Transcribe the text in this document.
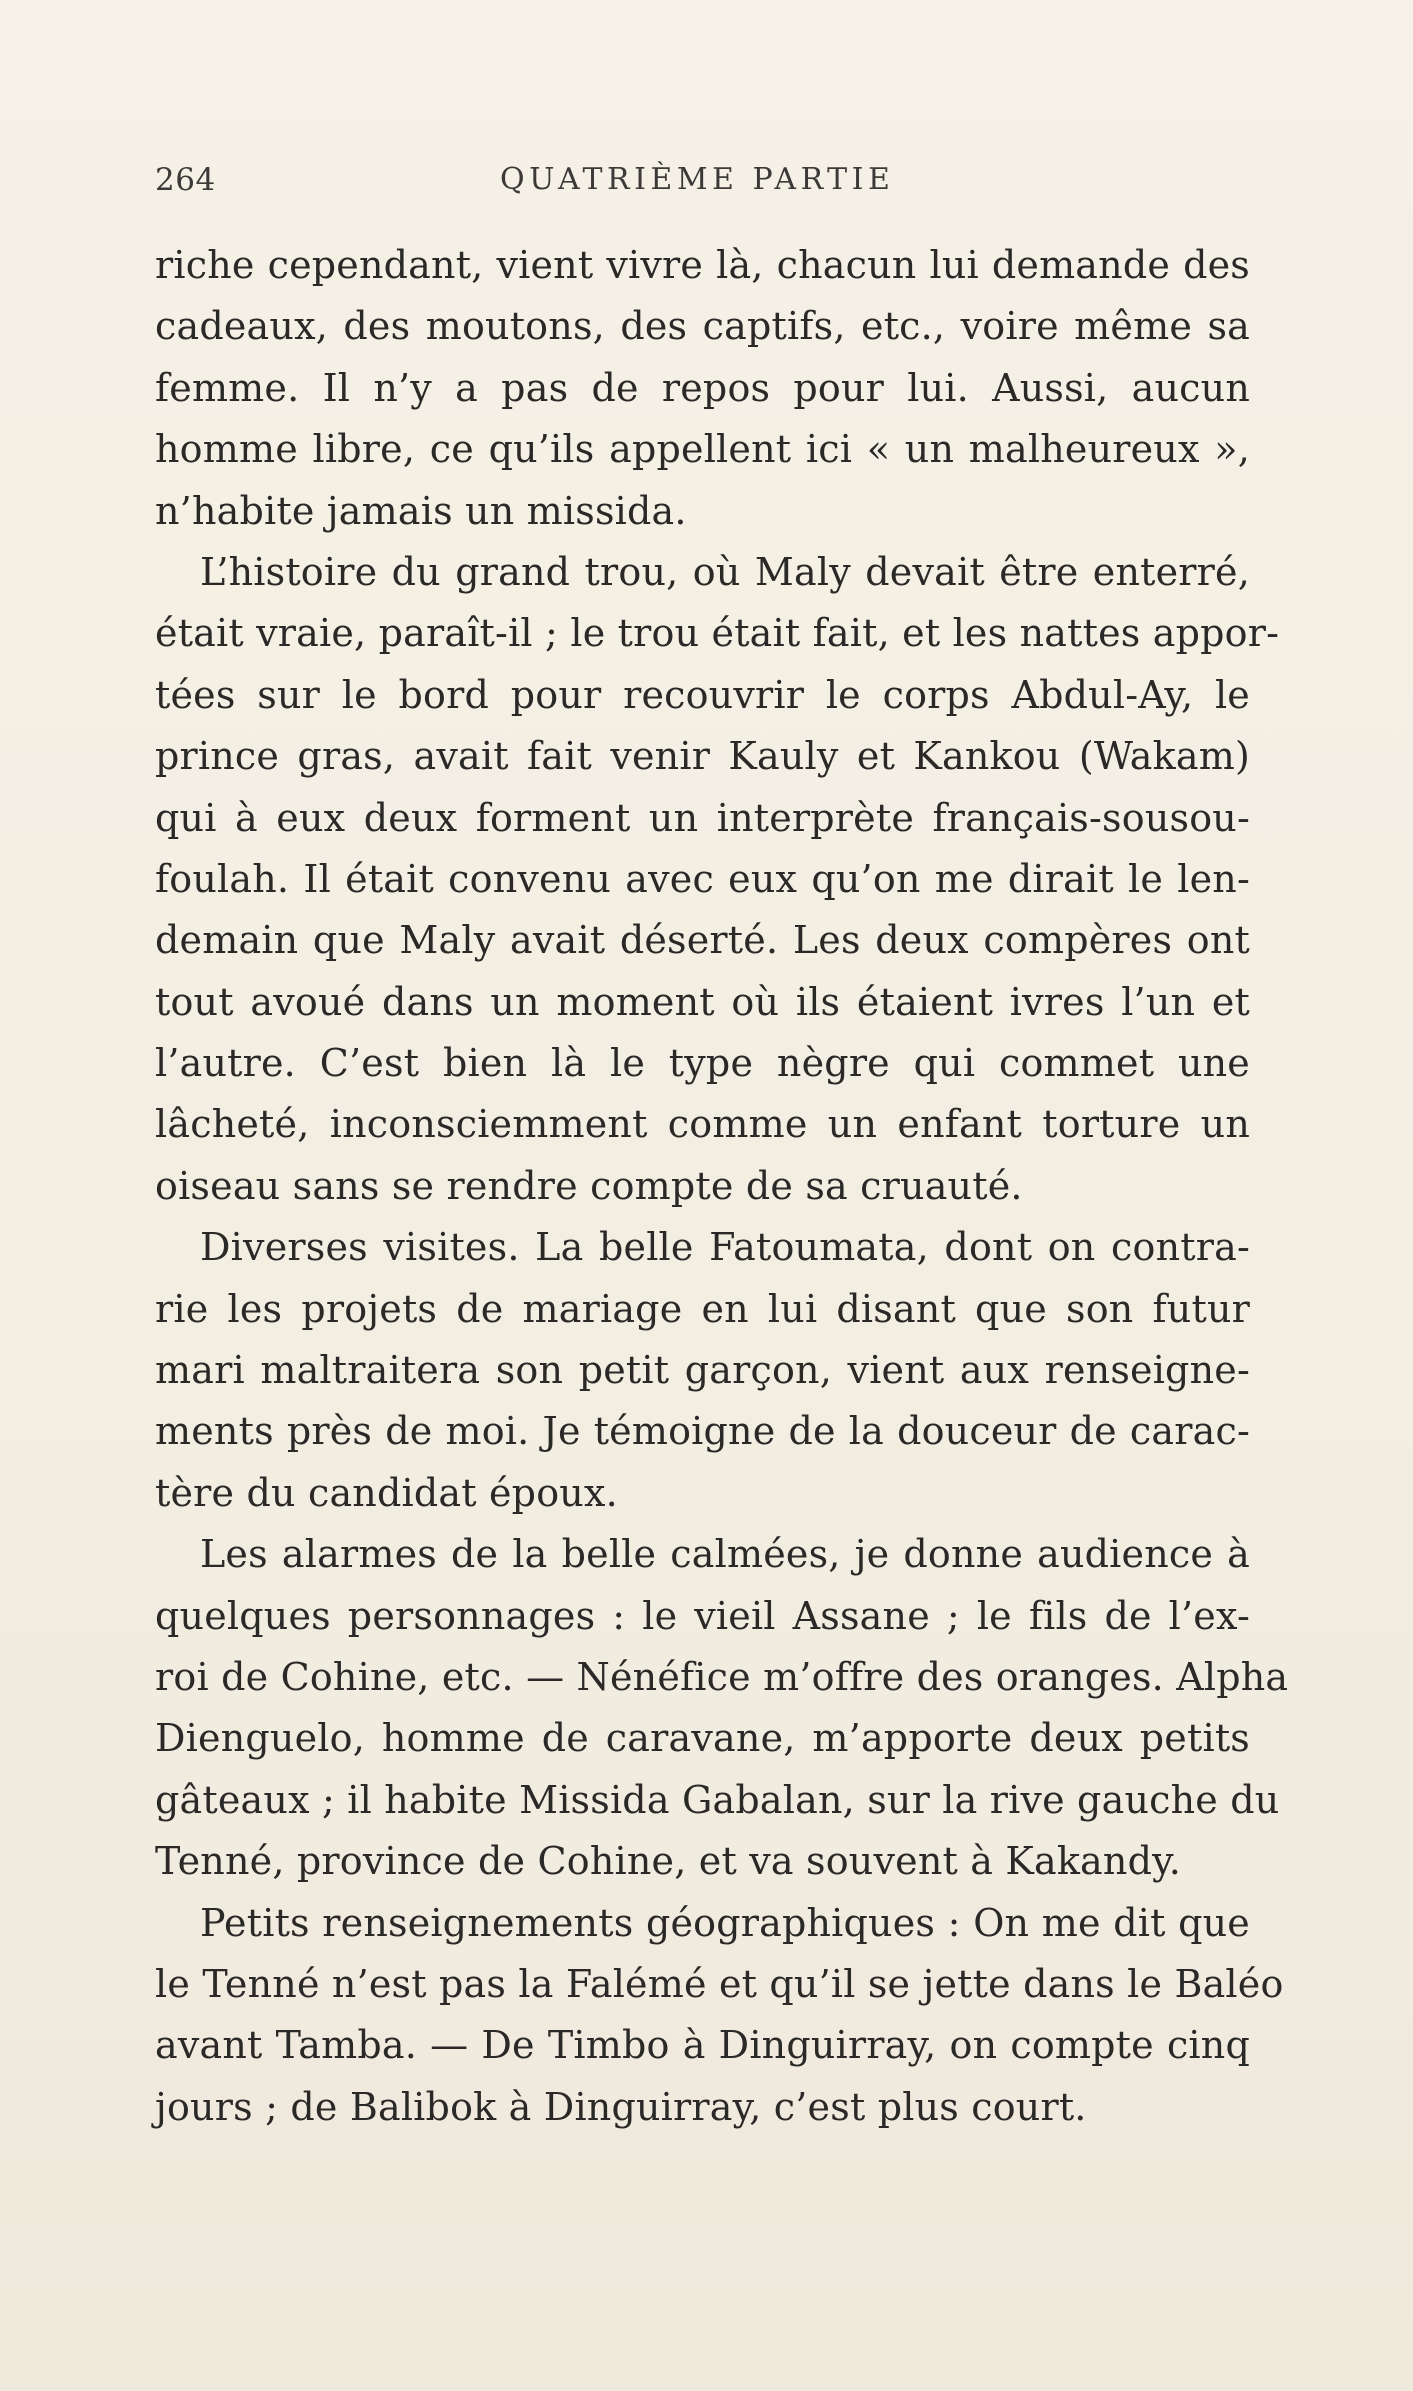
264	QUATRIÈME PARTIE
riche cependant, vient vivre là, chacun lui demande des
cadeaux, des moutons, des captifs, etc., voire même sa
femme. Il n’y a pas de repos pour lui. Aussi, aucun
homme libre, ce qu’ils appellent ici « un malheureux »,
n’habite jamais un missida.
L’histoire du grand trou, où Maly devait être enterré,
était vraie, paraît-il ; le trou était fait, et les nattes appor-
tées sur le bord pour recouvrir le corps Abdul-Ay, le
prince gras, avait fait venir Kauly et Kankou (Wakam)
qui à eux deux forment un interprète français-sousou-
foulah. Il était convenu avec eux qu’on me dirait le len-
demain que Maly avait déserté. Les deux compères ont
tout avoué dans un moment où ils étaient ivres l’un et
l’autre. C’est bien là le type nègre qui commet une
lâcheté, inconsciemment comme un enfant torture un
oiseau sans se rendre compte de sa cruauté.
Diverses visites. La belle Fatoumata, dont on contra-
rie les projets de mariage en lui disant que son futur
mari maltraitera son petit garçon, vient aux renseigne-
ments près de moi. Je témoigne de la douceur de carac-
tère du candidat époux.
Les alarmes de la belle calmées, je donne audience à
quelques personnages : le vieil Assane ; le fils de l’ex-
roi de Cohine, etc. — Nénéfice m’offre des oranges. Alpha
Dienguelo, homme de caravane, m’apporte deux petits
gâteaux ; il habite Missida Gabalan, sur la rive gauche du
Tenné, province de Cohine, et va souvent à Kakandy.
Petits renseignements géographiques : On me dit que
le Tenné n’est pas la Falémé et qu’il se jette dans le Baléo
avant Tamba. — De Timbo à Dinguirray, on compte cinq
jours ; de Balibok à Dinguirray, c’est plus court.
